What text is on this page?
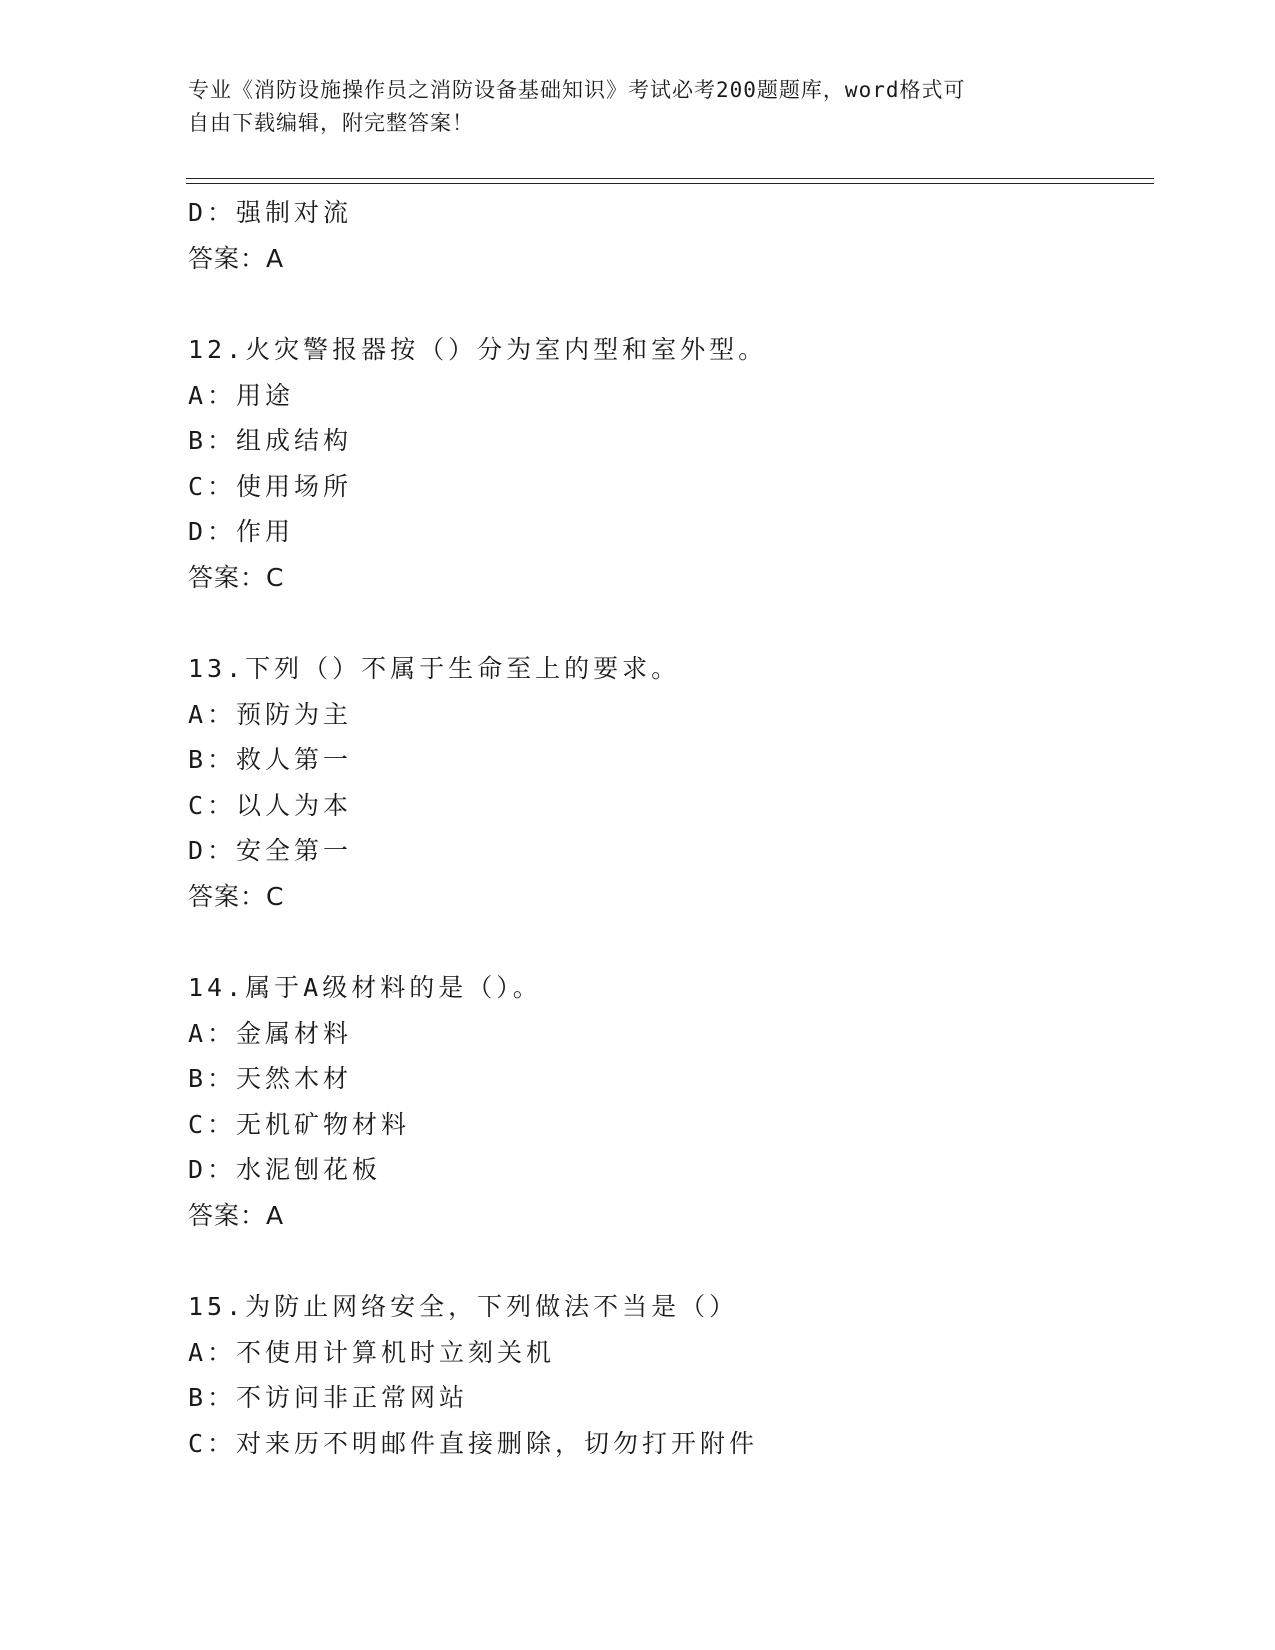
专业《消防设施操作员之消防设备基础知识》考试必考200题题库，word格式可
自由下载编辑，附完整答案！
D：强制对流
答案：A
12.火灾警报器按（）分为室内型和室外型。
A：用途
B：组成结构
C：使用场所
D：作用
答案：C
13.下列（）不属于生命至上的要求。
A：预防为主
B：救人第一
C：以人为本
D：安全第一
答案：C
14.属于A级材料的是（）。
A：金属材料
B：天然木材
C：无机矿物材料
D：水泥刨花板
答案：A
15.为防止网络安全，下列做法不当是（）
A：不使用计算机时立刻关机
B：不访问非正常网站
C：对来历不明邮件直接删除，切勿打开附件
